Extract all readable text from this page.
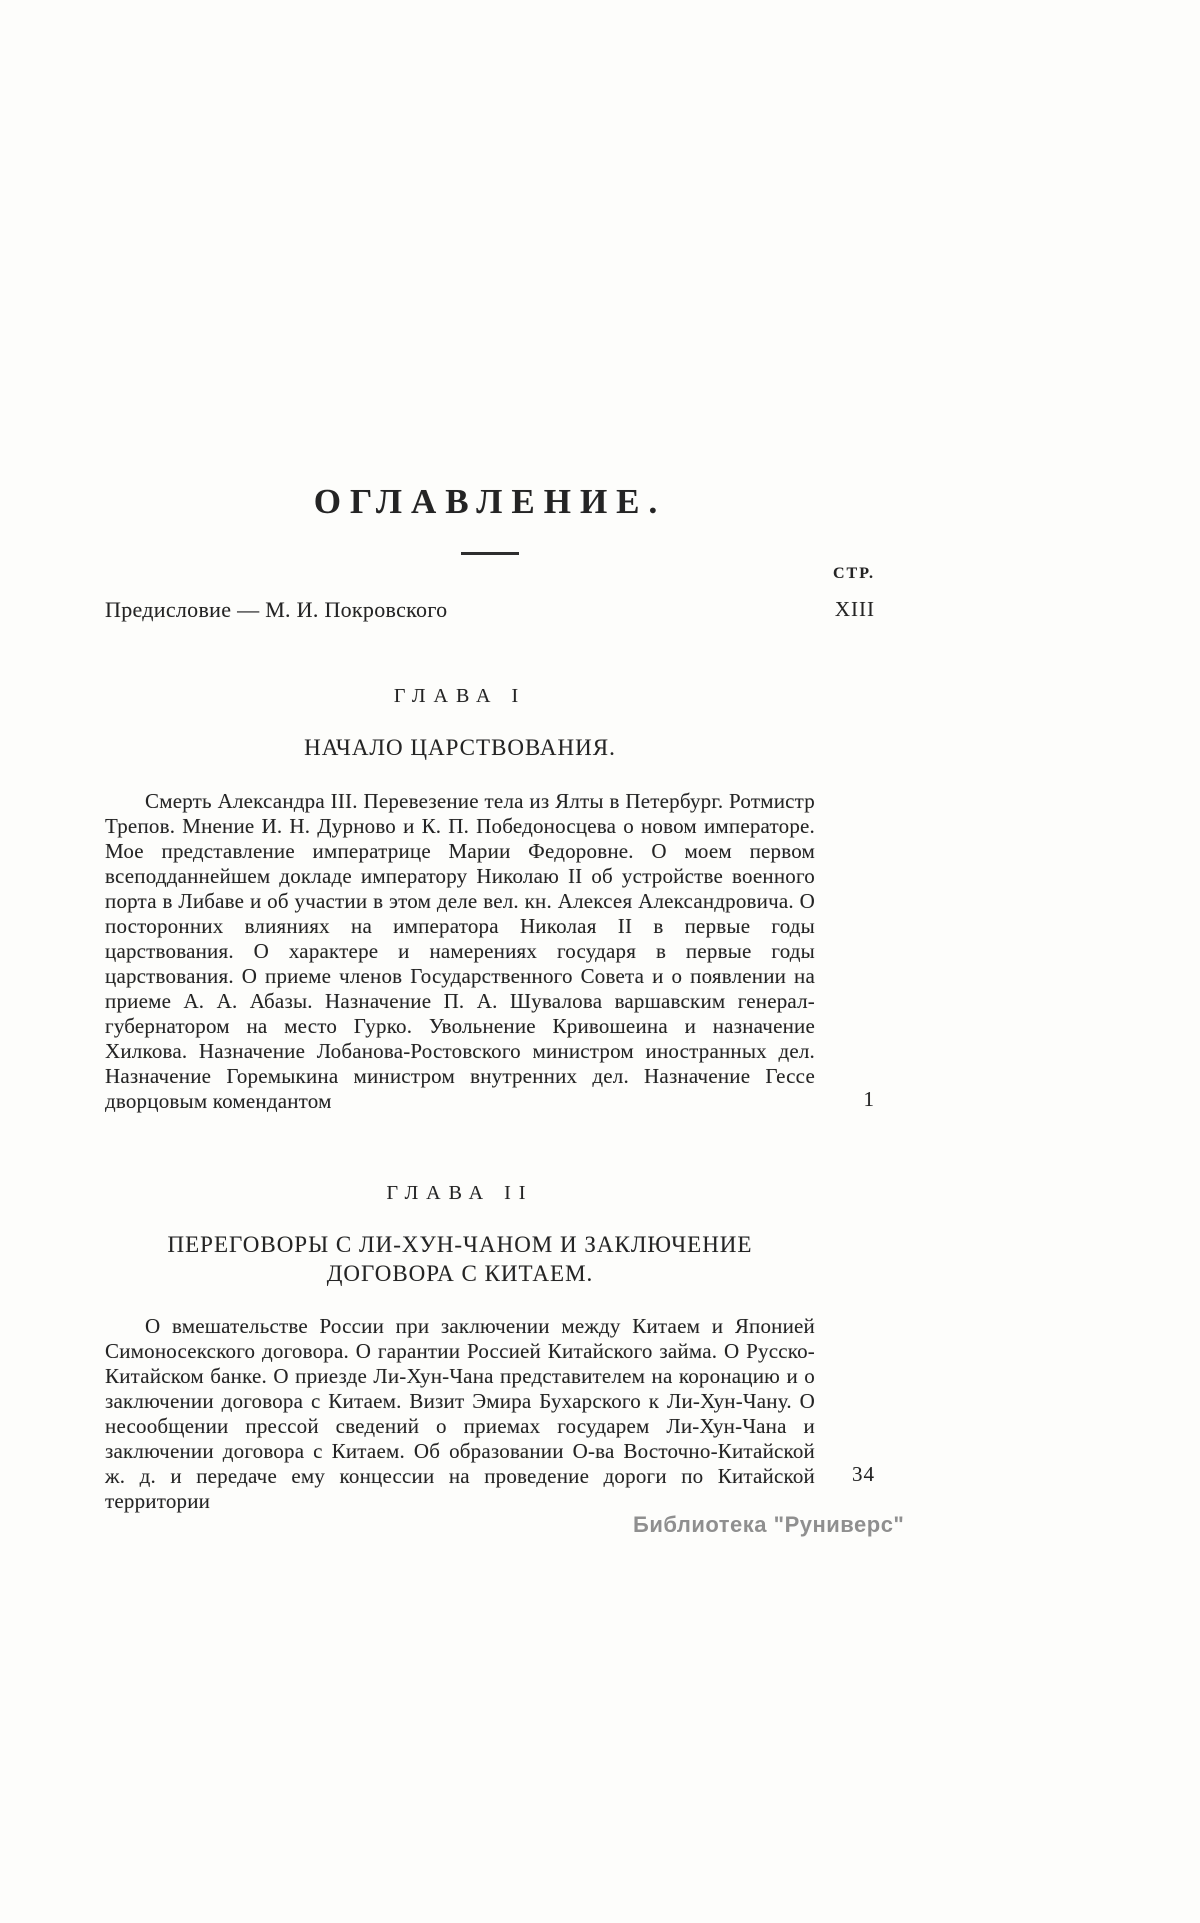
ОГЛАВЛЕНИЕ.
СТР.
Предисловие — М. И. Покровского	XIII
ГЛАВА I
НАЧАЛО ЦАРСТВОВАНИЯ.

Смерть Александра III. Перевезение тела из Ялты в Петербург. Ротмистр Трепов. Мнение И. Н. Дурново и К. П. Победоносцева о новом императоре. Мое представление императрице Марии Федоровне. О моем первом всеподданнейшем докладе императору Николаю II об устройстве военного порта в Либаве и об участии в этом деле вел. кн. Алексея Александровича. О посторонних влияниях на императора Николая II в первые годы царствования. О характере и намерениях государя в первые годы царствования. О приеме членов Государственного Совета и о появлении на приеме А. А. Абазы. Назначение П. А. Шувалова варшавским генерал-губернатором на место Гурко. Увольнение Кривошеина и назначение Хилкова. Назначение Лобанова-Ростовского министром иностранных дел. Назначение Горемыкина министром внутренних дел. Назначение Гессе дворцовым комендантом	1
ГЛАВА II
ПЕРЕГОВОРЫ С ЛИ-ХУН-ЧАНОМ И ЗАКЛЮЧЕНИЕ ДОГОВОРА С КИТАЕМ.

О вмешательстве России при заключении между Китаем и Японией Симоносекского договора. О гарантии Россией Китайского займа. О Русско-Китайском банке. О приезде Ли-Хун-Чана представителем на коронацию и о заключении договора с Китаем. Визит Эмира Бухарского к Ли-Хун-Чану. О несообщении прессой сведений о приемах государем Ли-Хун-Чана и заключении договора с Китаем. Об образовании О-ва Восточно-Китайской ж. д. и передаче ему концессии на проведение дороги по Китайской территории

34
Библиотека "Руниверс"
